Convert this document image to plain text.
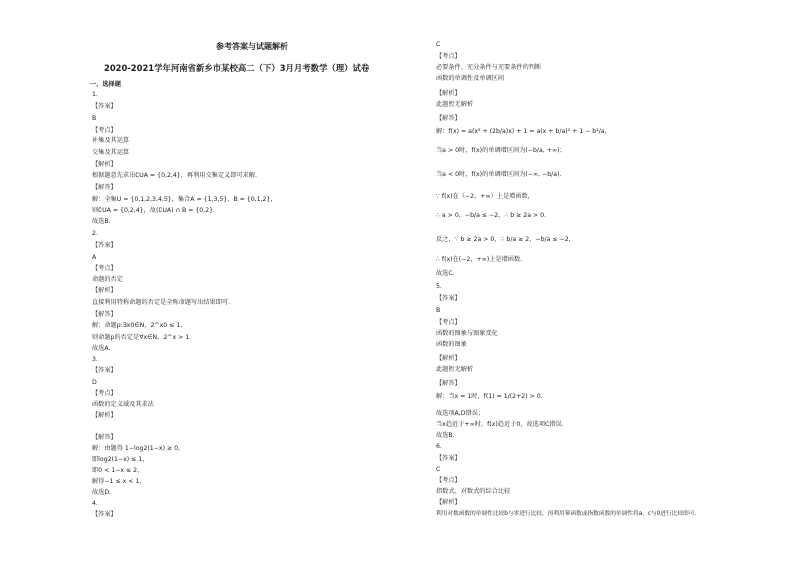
参考答案与试题解析
2020-2021学年河南省新乡市某校高二（下）3月月考数学（理）试卷
一、选择题
1.
【答案】
B
【考点】
补集及其运算
交集及其运算
【解析】
根据题意先求出∁UA = {0,2,4}，再利用交集定义即可求解.
【解答】
解：全集U = {0,1,2,3,4,5}，集合A = {1,3,5}，B = {0,1,2}，
则∁UA = {0,2,4}，故(∁UA) ∩ B = {0,2}.
故选B.
2.
【答案】
A
【考点】
命题的否定
【解析】
直接利用特称命题的否定是全称命题写出结果即可.
【解答】
解：命题p:∃x0∈N，2^x0 ≤ 1，
则命题p的否定是∀x∈N，2^x > 1.
故选A.
3.
【答案】
D
【考点】
函数的定义域及其求法
【解析】
【解答】
解：由题得 1−log2(1−x) ≥ 0，
即log2(1−x) ≤ 1，
即0 < 1−x ≤ 2，
解得−1 ≤ x < 1.
故选D.
4.
【答案】
C
【考点】
必要条件、充分条件与充要条件的判断
函数的单调性及单调区间
【解析】
此题暂无解析
【解答】
解：f(x) = a(x² + (2b/a)x) + 1 = a(x + b/a)² + 1 − b²/a，
当a > 0时，f(x)的单调增区间为(−b/a, +∞)；
当a < 0时，f(x)的单调增区间为(−∞, −b/a).
∵ f(x)在（−2，+∞）上是增函数，
∴ a > 0，−b/a ≤ −2，∴ b ≥ 2a > 0.
反之，∵ b ≥ 2a > 0，∴ b/a ≥ 2，−b/a ≤ −2，
∴ f(x)在(−2，+∞)上是增函数.
故选C.
5.
【答案】
B
【考点】
函数的图象与图象变化
函数的图象
【解析】
此题暂无解析
【解答】
解：当x = 1时，f(1) = 1/(2+2) > 0.
故选项A,D错误；
当x趋近于+∞时，f(x)趋近于0，故选项C错误.
故选B.
6.
【答案】
C
【考点】
指数式、对数式的综合比较
【解析】
利用对数函数的单调性比较b与零进行比较，再利用幂函数或指数函数的单调性将a、c与0进行比较即可.
